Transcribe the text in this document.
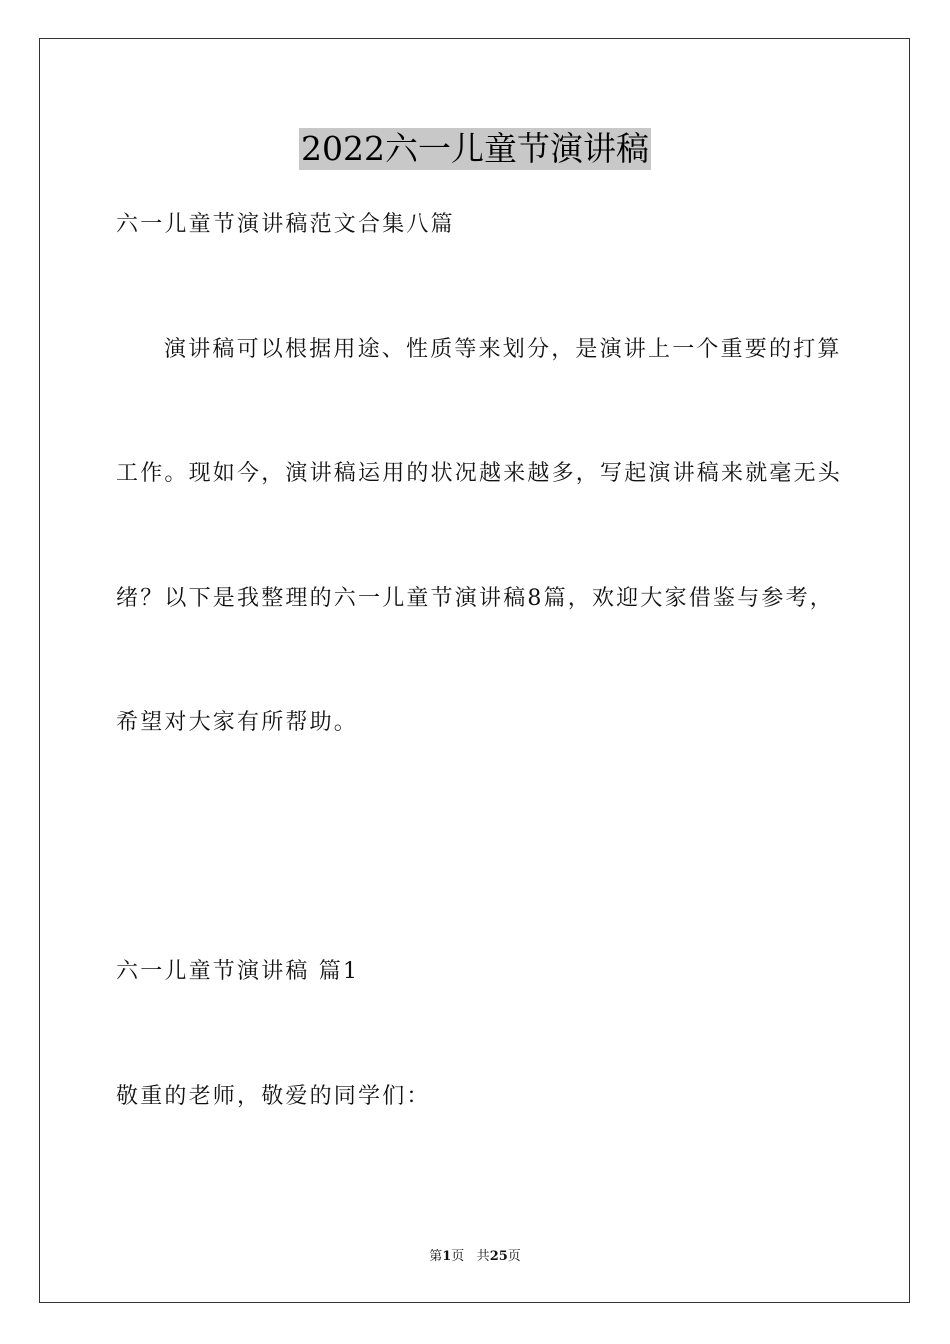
2022六一儿童节演讲稿
六一儿童节演讲稿范文合集八篇
演讲稿可以根据用途、性质等来划分，是演讲上一个重要的打算
工作。现如今，演讲稿运用的状况越来越多，写起演讲稿来就毫无头
绪？以下是我整理的六一儿童节演讲稿8篇，欢迎大家借鉴与参考，
希望对大家有所帮助。
六一儿童节演讲稿 篇1
敬重的老师，敬爱的同学们：
第1页 共25页
